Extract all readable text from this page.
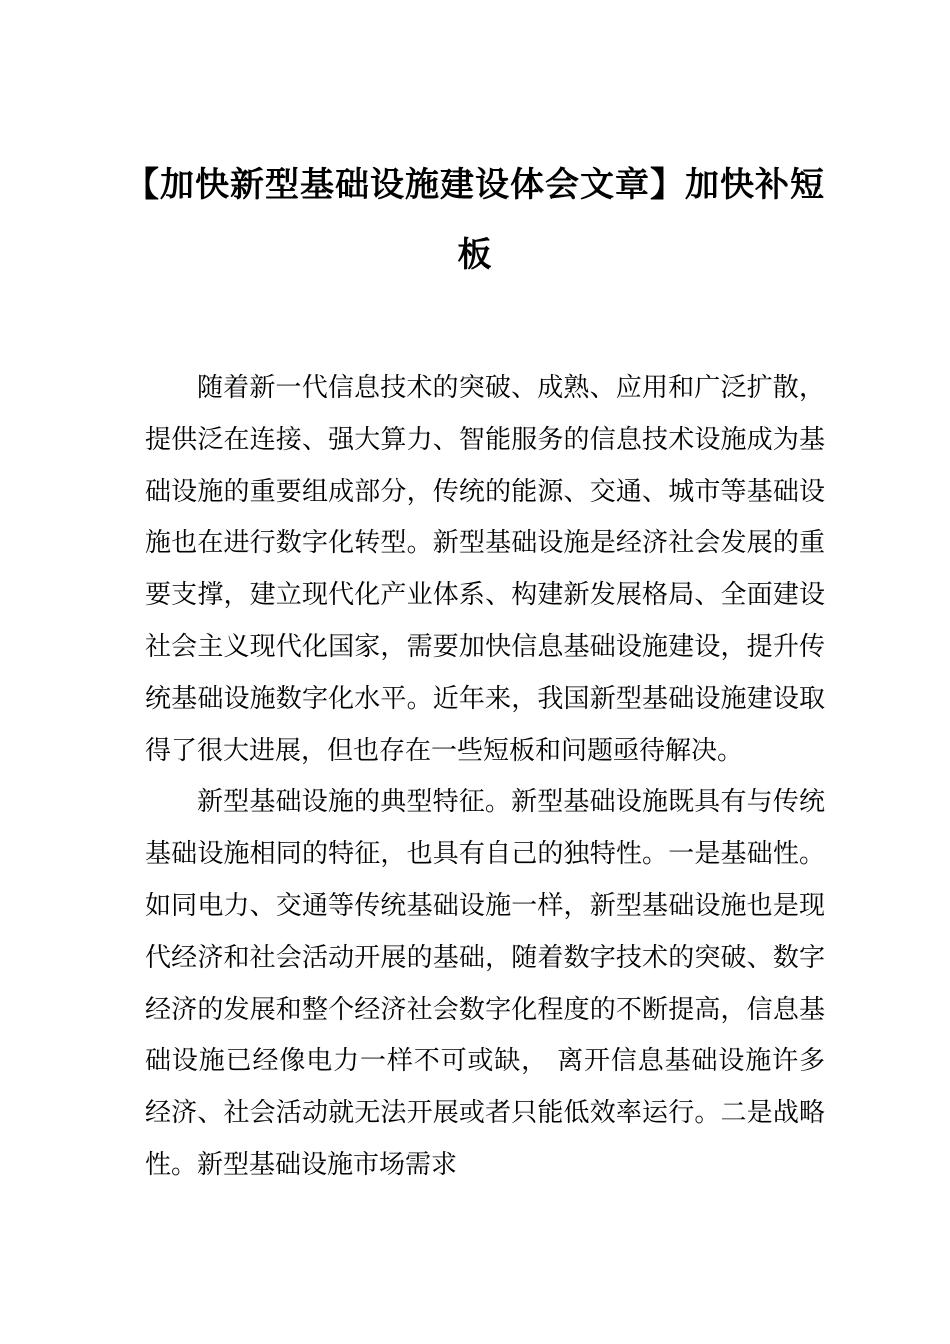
【加快新型基础设施建设体会文章】加快补短板

随着新一代信息技术的突破、成熟、应用和广泛扩散，提供泛在连接、强大算力、智能服务的信息技术设施成为基础设施的重要组成部分，传统的能源、交通、城市等基础设施也在进行数字化转型。新型基础设施是经济社会发展的重要支撑，建立现代化产业体系、构建新发展格局、全面建设社会主义现代化国家，需要加快信息基础设施建设，提升传统基础设施数字化水平。近年来，我国新型基础设施建设取得了很大进展，但也存在一些短板和问题亟待解决。

新型基础设施的典型特征。新型基础设施既具有与传统基础设施相同的特征，也具有自己的独特性。一是基础性。如同电力、交通等传统基础设施一样，新型基础设施也是现代经济和社会活动开展的基础，随着数字技术的突破、数字经济的发展和整个经济社会数字化程度的不断提高，信息基础设施已经像电力一样不可或缺， 离开信息基础设施许多经济、社会活动就无法开展或者只能低效率运行。二是战略性。新型基础设施市场需求
